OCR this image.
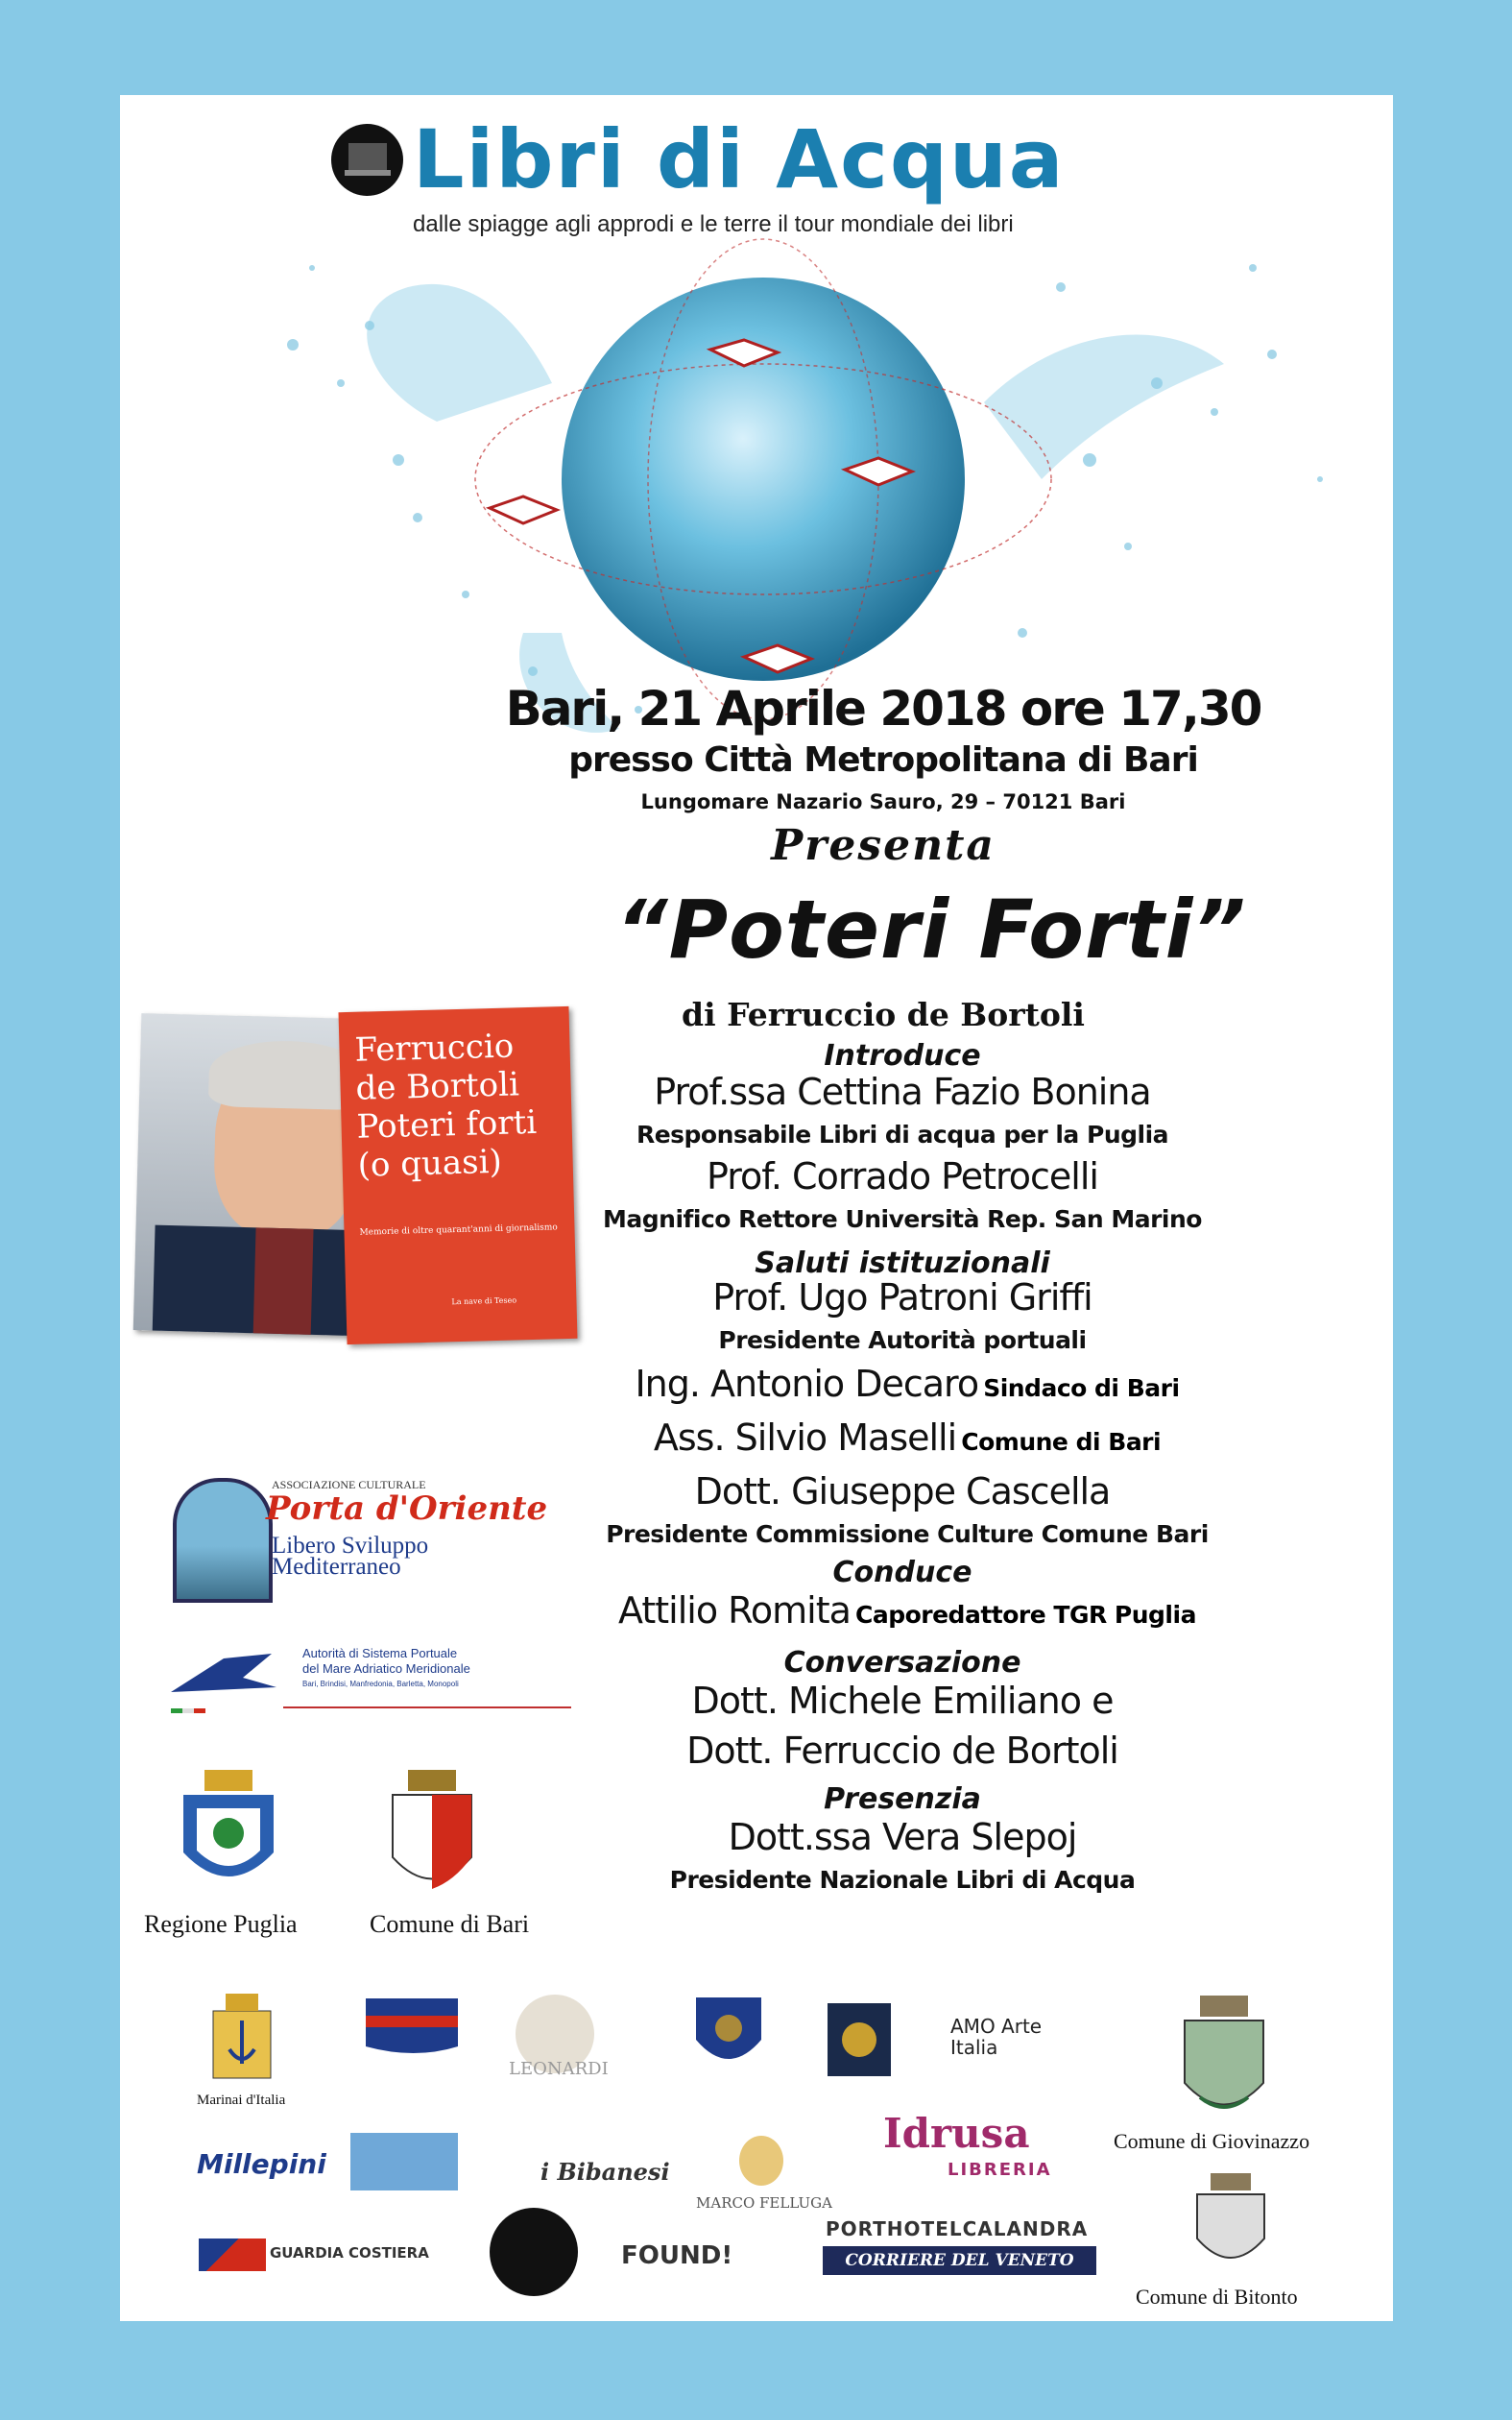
Libri di Acqua
dalle spiagge agli approdi e le terre il tour mondiale dei libri
Bari, 21 Aprile 2018 ore 17,30
presso Città Metropolitana di Bari
Lungomare Nazario Sauro, 29 – 70121 Bari
Presenta
“Poteri Forti”
di Ferruccio de Bortoli
Introduce
Prof.ssa Cettina Fazio Bonina
Responsabile Libri di acqua per la Puglia
Prof. Corrado Petrocelli
Magnifico Rettore Università Rep. San Marino
Saluti istituzionali
Prof. Ugo Patroni Griffi
Presidente Autorità portuali
Ing. Antonio Decaro Sindaco di Bari
Ass. Silvio Maselli Comune di Bari
Dott. Giuseppe Cascella
Presidente Commissione Culture Comune Bari
Conduce
Attilio Romita Caporedattore TGR Puglia
Conversazione
Dott. Michele Emiliano e
Dott. Ferruccio de Bortoli
Presenzia
Dott.ssa Vera Slepoj
Presidente Nazionale Libri di Acqua
Ferruccio
de Bortoli
Poteri forti
(o quasi)
Memorie di oltre quarant'anni di giornalismo
La nave di Teseo
ASSOCIAZIONE CULTURALE
Porta d'Oriente
Libero Sviluppo
Mediterraneo
Autorità di Sistema Portuale
del Mare Adriatico Meridionale
Bari, Brindisi, Manfredonia, Barletta, Monopoli
Regione Puglia	Comune di Bari
Marinai d'Italia
LEONARDI
AMO Arte Italia
Comune di Giovinazzo
Millepini	i Bibanesi
MARCO FELLUGA
Idrusa
LIBRERIA
Comune di Bitonto
GUARDIA COSTIERA	FOUND!
PORTHOTELCALANDRA
CORRIERE DEL VENETO
